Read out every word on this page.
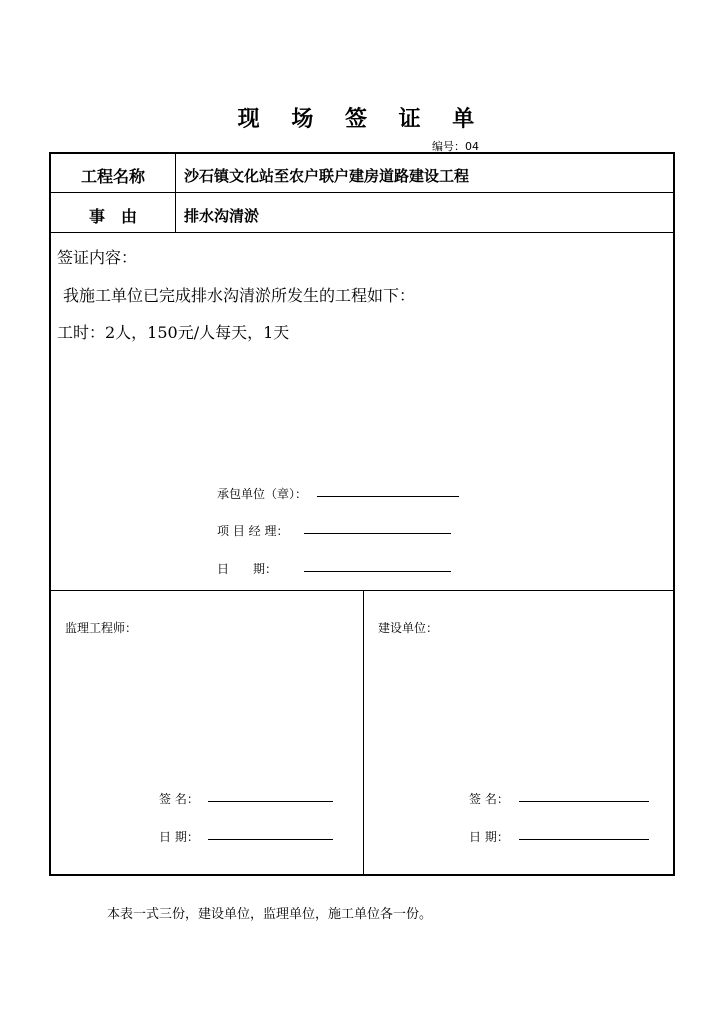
现 场 签 证 单
编号：04
工程名称	沙石镇文化站至农户联户建房道路建设工程
事　由	排水沟清淤
签证内容：
我施工单位已完成排水沟清淤所发生的工程如下：
工时：2人，150元/人每天，1天
承包单位（章）：
项 目 经 理：
日　　期：
监理工程师：
签 名：
日 期：
建设单位：
签 名：
日 期：
本表一式三份，建设单位，监理单位，施工单位各一份。
